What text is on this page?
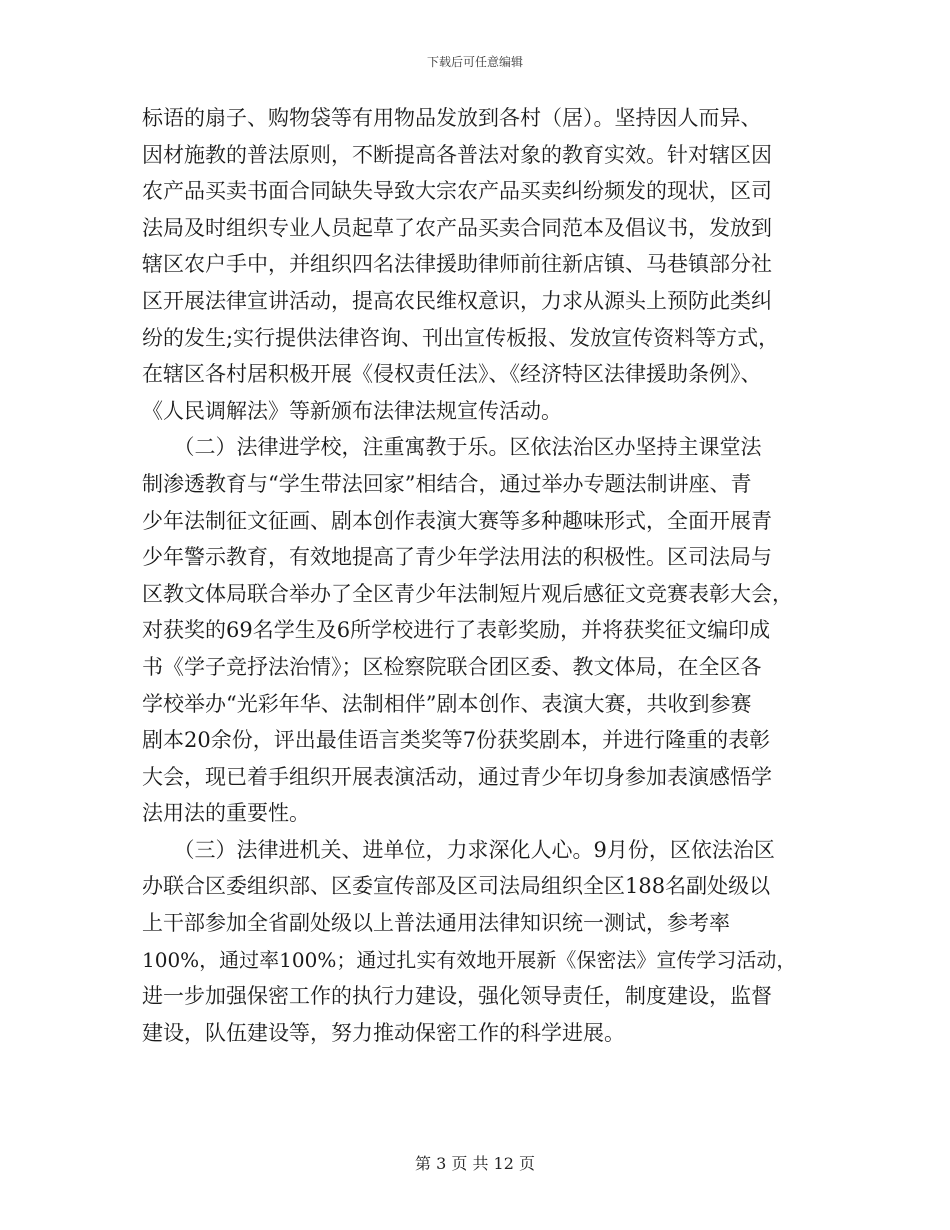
下载后可任意编辑
标语的扇子、购物袋等有用物品发放到各村（居）。坚持因人而异、
因材施教的普法原则，不断提高各普法对象的教育实效。针对辖区因
农产品买卖书面合同缺失导致大宗农产品买卖纠纷频发的现状，区司
法局及时组织专业人员起草了农产品买卖合同范本及倡议书，发放到
辖区农户手中，并组织四名法律援助律师前往新店镇、马巷镇部分社
区开展法律宣讲活动，提高农民维权意识，力求从源头上预防此类纠
纷的发生;实行提供法律咨询、刊出宣传板报、发放宣传资料等方式，
在辖区各村居积极开展《侵权责任法》、《经济特区法律援助条例》、
《人民调解法》等新颁布法律法规宣传活动。
　　（二）法律进学校，注重寓教于乐。区依法治区办坚持主课堂法
制渗透教育与“学生带法回家”相结合，通过举办专题法制讲座、青
少年法制征文征画、剧本创作表演大赛等多种趣味形式，全面开展青
少年警示教育，有效地提高了青少年学法用法的积极性。区司法局与
区教文体局联合举办了全区青少年法制短片观后感征文竞赛表彰大会，
对获奖的69名学生及6所学校进行了表彰奖励，并将获奖征文编印成
书《学子竞抒法治情》；区检察院联合团区委、教文体局，在全区各
学校举办“光彩年华、法制相伴”剧本创作、表演大赛，共收到参赛
剧本20余份，评出最佳语言类奖等7份获奖剧本，并进行隆重的表彰
大会，现已着手组织开展表演活动，通过青少年切身参加表演感悟学
法用法的重要性。
　　（三）法律进机关、进单位，力求深化人心。9月份，区依法治区
办联合区委组织部、区委宣传部及区司法局组织全区188名副处级以
上干部参加全省副处级以上普法通用法律知识统一测试，参考率
100%，通过率100%；通过扎实有效地开展新《保密法》宣传学习活动，
进一步加强保密工作的执行力建设，强化领导责任，制度建设，监督
建设，队伍建设等，努力推动保密工作的科学进展。
第 3 页 共 12 页
